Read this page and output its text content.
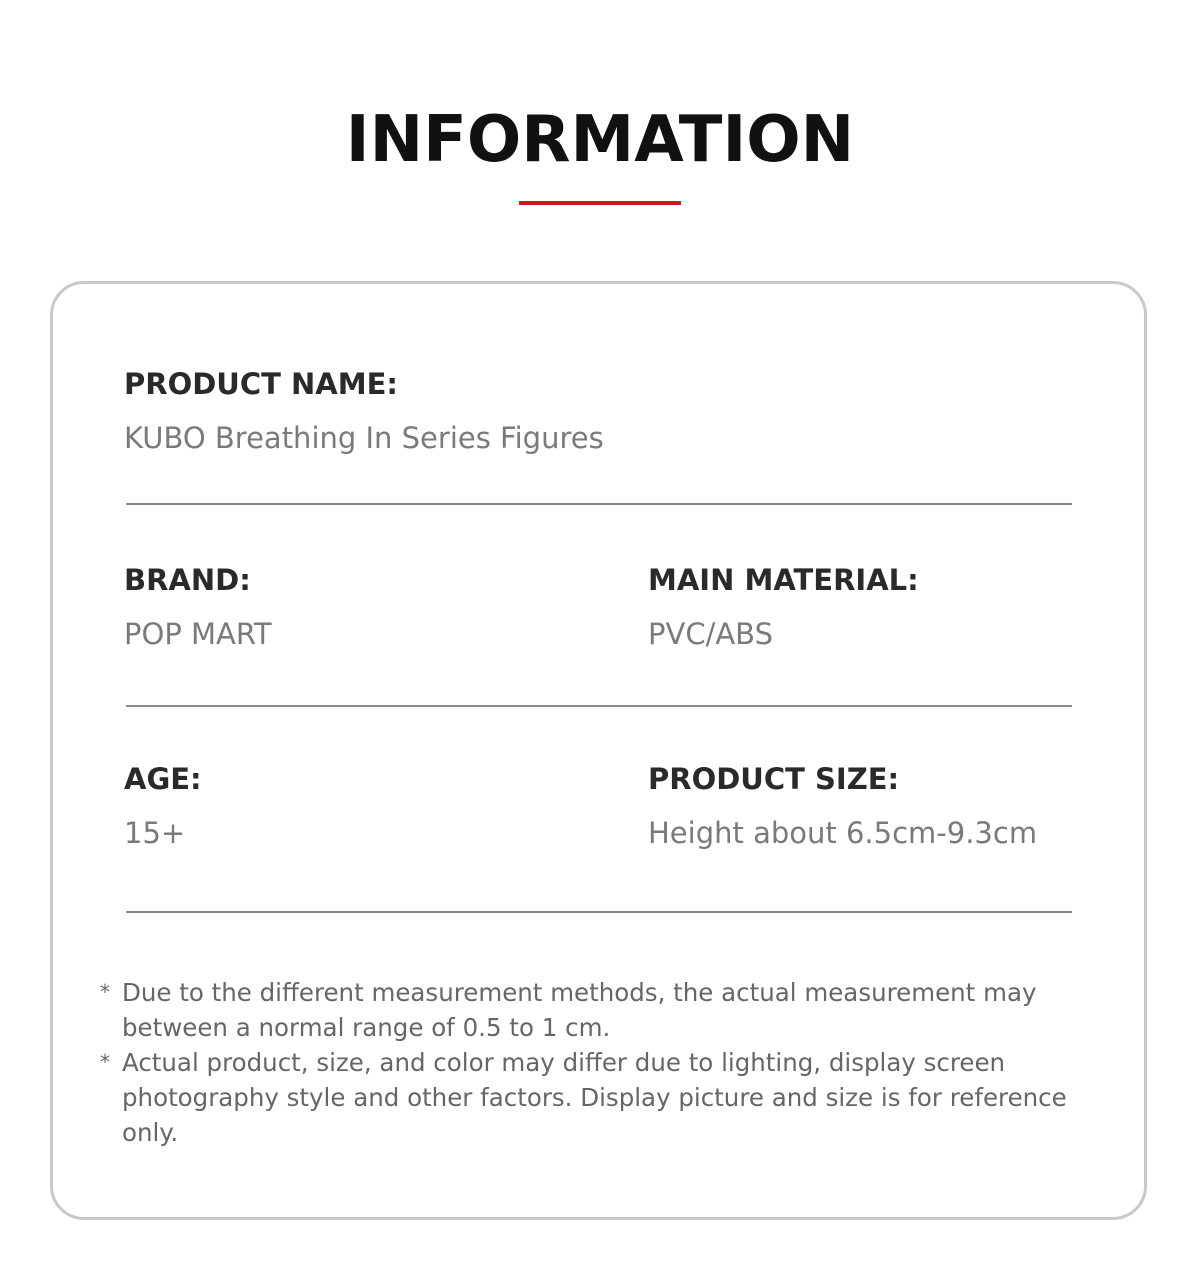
INFORMATION
PRODUCT NAME:
KUBO Breathing In Series Figures
BRAND:
POP MART
MAIN MATERIAL:
PVC/ABS
AGE:
15+
PRODUCT SIZE:
Height about 6.5cm-9.3cm
* Due to the different measurement methods, the actual measurement may between a normal range of 0.5 to 1 cm.
* Actual product, size, and color may differ due to lighting, display screen photography style and other factors. Display picture and size is for reference only.
